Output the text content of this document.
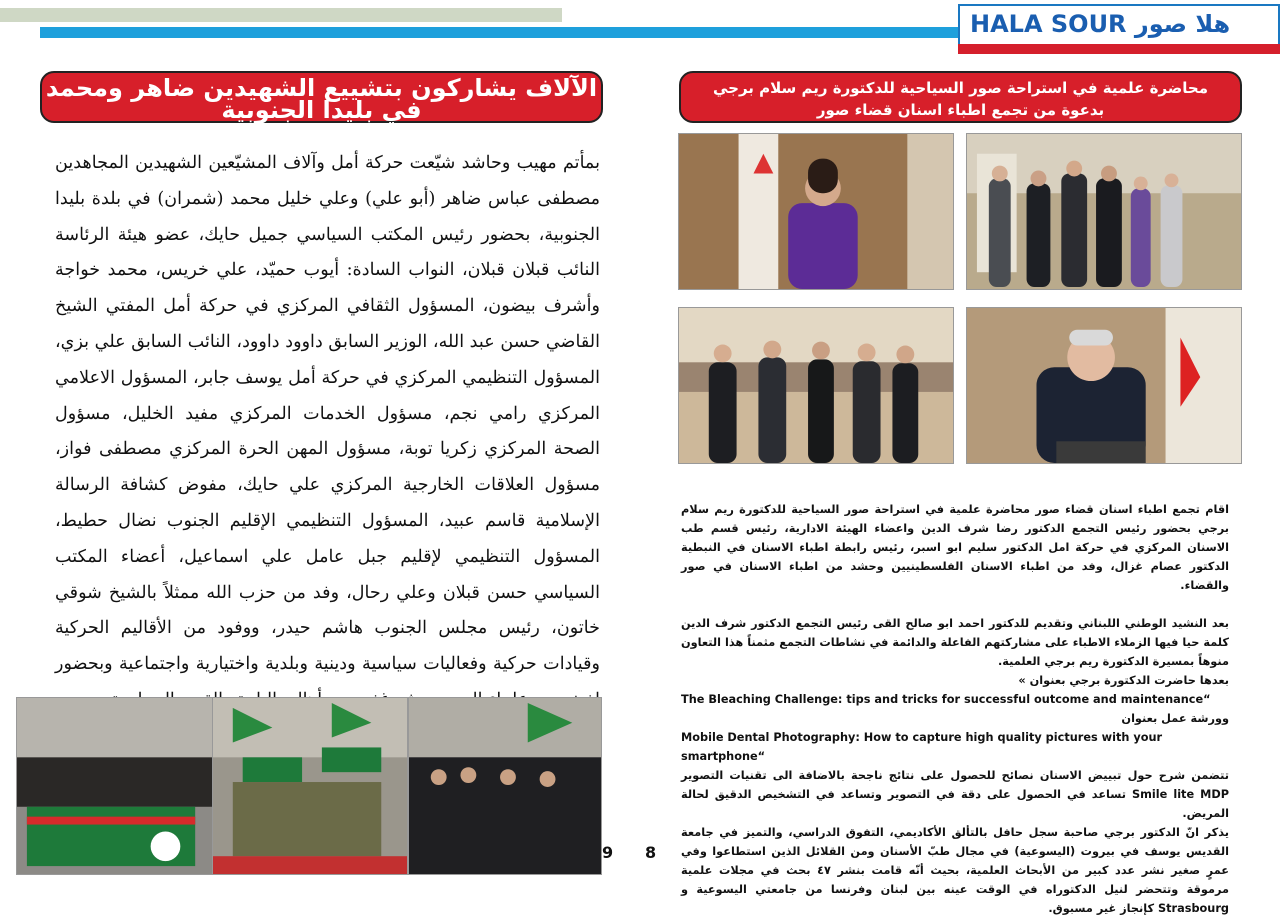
HALA SOUR هلا صور
الآلاف يشاركون بتشييع الشهيدين ضاهر ومحمد في بليدا الجنوبية
محاضرة علمية في استراحة صور السياحية للدكتورة ريم سلام برجي
بدعوة من تجمع اطباء اسنان قضاء صور
بمأتم مهيب وحاشد شيّعت حركة أمل وآلاف المشيّعين الشهيدين المجاهدين مصطفى عباس ضاهر (أبو علي) وعلي خليل محمد (شمران) في بلدة بليدا الجنوبية، بحضور رئيس المكتب السياسي جميل حايك، عضو هيئة الرئاسة النائب قبلان قبلان، النواب السادة: أيوب حميّد، علي خريس، محمد خواجة وأشرف بيضون، المسؤول الثقافي المركزي في حركة أمل المفتي الشيخ القاضي حسن عبد الله، الوزير السابق داوود داوود، النائب السابق علي بزي، المسؤول التنظيمي المركزي في حركة أمل يوسف جابر، المسؤول الاعلامي المركزي رامي نجم، مسؤول الخدمات المركزي مفيد الخليل، مسؤول الصحة المركزي زكريا توبة، مسؤول المهن الحرة المركزي مصطفى فواز، مسؤول العلاقات الخارجية المركزي علي حايك، مفوض كشافة الرسالة الإسلامية قاسم عبيد، المسؤول التنظيمي الإقليم الجنوب نضال حطيط، المسؤول التنظيمي لإقليم جبل عامل علي اسماعيل، أعضاء المكتب السياسي حسن قبلان وعلي رحال، وفد من حزب الله ممثلاً بالشيخ شوقي خاتون، رئيس مجلس الجنوب هاشم حيدر، ووفود من الأقاليم الحركية وقيادات حركية وفعاليات سياسية ودينية وبلدية واختيارية واجتماعية وبحضور
9 8

اقام تجمع اطباء اسنان قضاء صور محاضرة علمية في استراحة صور السياحية للدكتورة ريم سلام برجي بحضور رئيس التجمع الدكتور رضا شرف الدين واعضاء الهيئة الادارية، رئيس قسم طب الاسنان المركزي في حركة امل الدكتور سليم ابو اسبر، رئيس رابطة اطباء الاسنان في النبطية الدكتور عصام غزال، وفد من اطباء الاسنان الفلسطينيين وحشد من اطباء الاسنان في صور والقضاء.

بعد النشيد الوطني اللبناني وتقديم للدكتور احمد ابو صالح القى رئيس التجمع الدكتور شرف الدين كلمة حيا فيها الزملاء الاطباء على مشاركتهم الفاعلة والدائمة في نشاطات التجمع مثمناً هذا التعاون منوهاً بمسيرة الدكتورة ريم برجي العلمية.
بعدها حاضرت الدكتورة برجي بعنوان »
The Bleaching Challenge: tips and tricks for successful outcome and maintenance“
وورشة عمل بعنوان
Mobile Dental Photography: How to capture high quality pictures with your smartphone“
تتضمن شرح حول تبييض الاسنان نصائح للحصول على نتائج ناجحة بالاضافة الى تقنيات التصوير Smile lite MDP تساعد في الحصول على دقة في التصوير وتساعد في التشخيص الدقيق لحالة المريض.
يذكر انّ الدكتور برجي صاحبة سجل حافل بالتألق الأكاديمي، التفوق الدراسي، والتميز في جامعة القديس يوسف في بيروت (اليسوعية) في مجال طبّ الأسنان ومن القلائل الذين استطاعوا وفي عمرٍ صغير نشر عدد كبير من الأبحاث العلمية، بحيث أنّه قامت بنشر ٤٧ بحث في مجلات علمية مرموقة وتتحضر لنيل الدكتوراه في الوقت عينه بين لبنان وفرنسا من جامعتي اليسوعية و Strasbourg كإنجاز غير مسبوق.
